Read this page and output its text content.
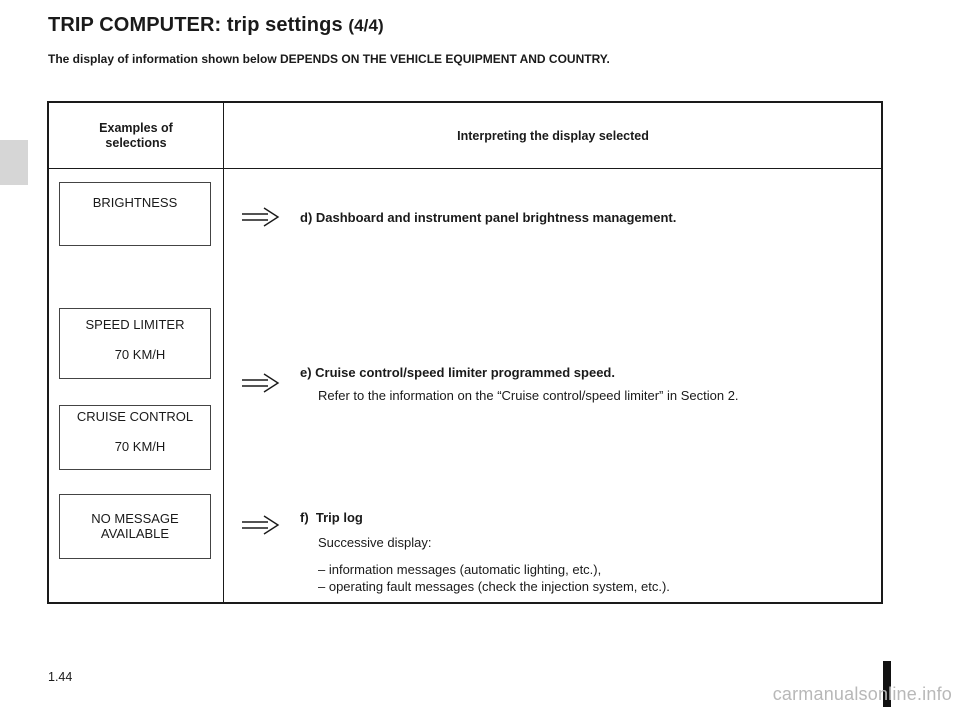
TRIP COMPUTER: trip settings (4/4)
The display of information shown below DEPENDS ON THE VEHICLE EQUIPMENT AND COUNTRY.
Examples of selections	Interpreting the display selected
BRIGHTNESS
SPEED LIMITER
70 KM/H
CRUISE CONTROL
70 KM/H
NO MESSAGE
AVAILABLE
d) Dashboard and instrument panel brightness management.
e) Cruise control/speed limiter programmed speed.
Refer to the information on the “Cruise control/speed limiter” in Section 2.
f)  Trip log
Successive display:
– information messages (automatic lighting, etc.),
– operating fault messages (check the injection system, etc.).
1.44
carmanualsonline.info
